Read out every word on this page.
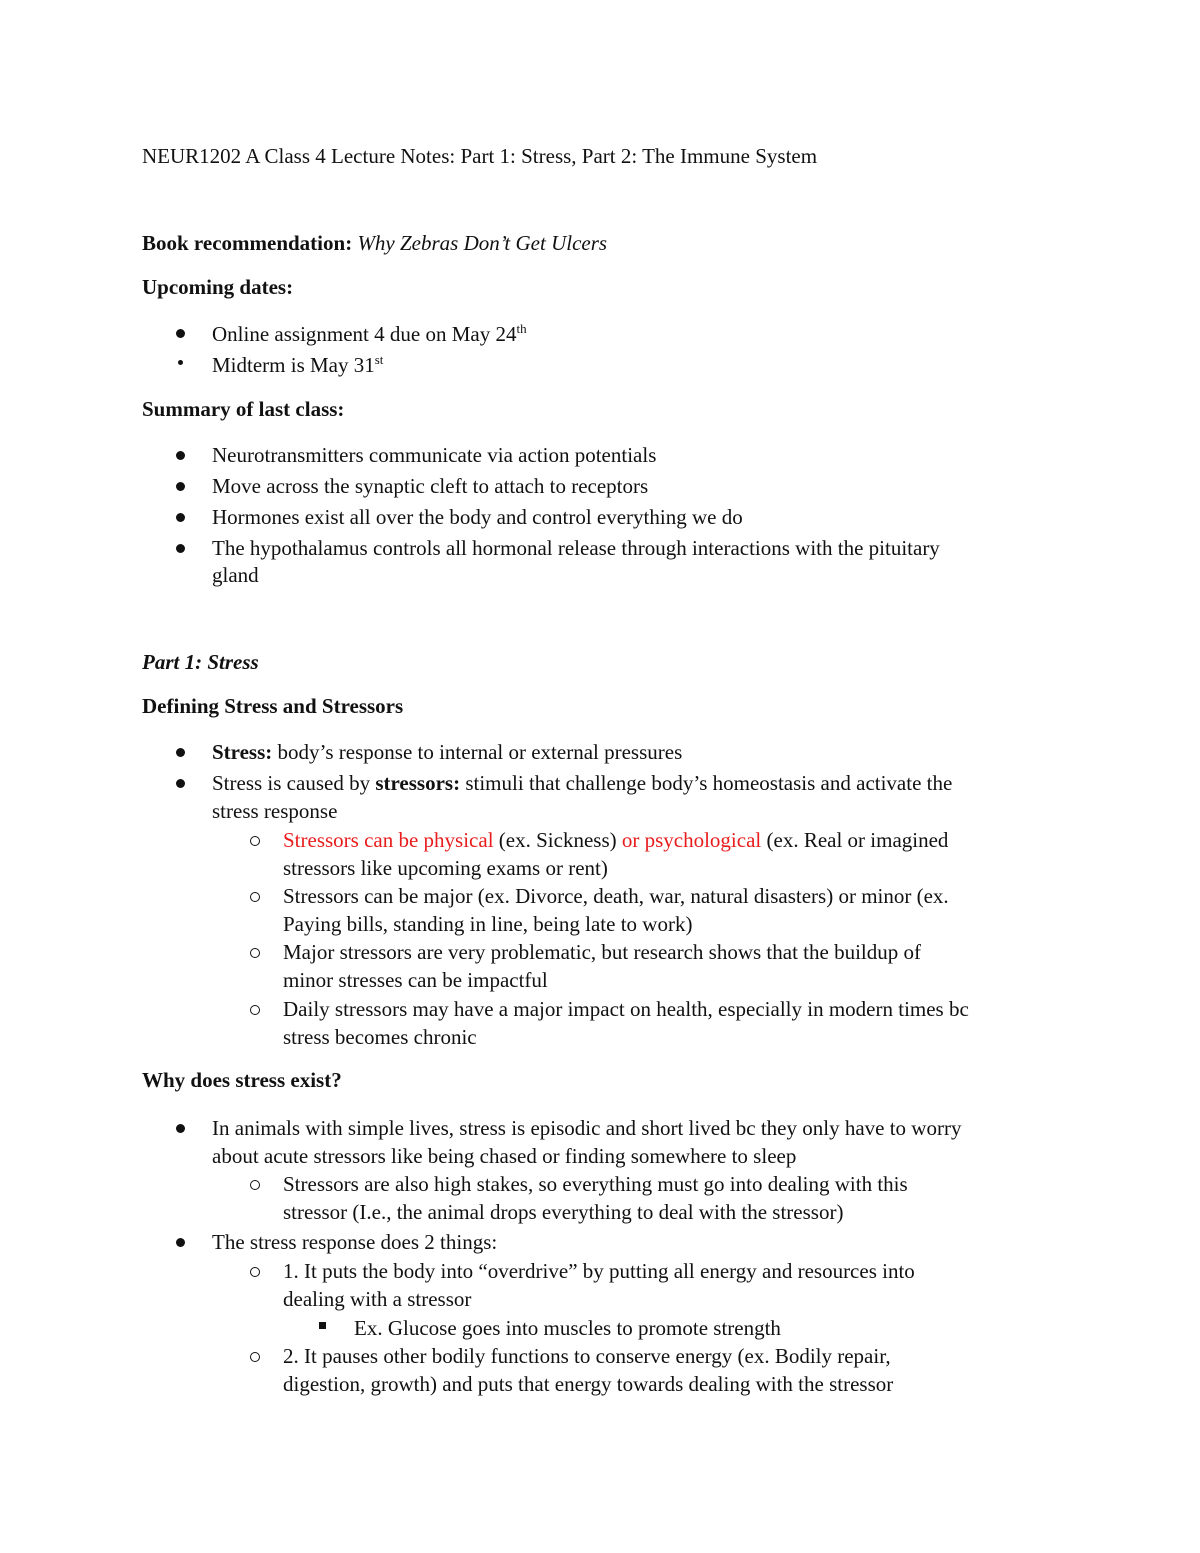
NEUR1202 A Class 4 Lecture Notes: Part 1: Stress, Part 2: The Immune System
Book recommendation: Why Zebras Don’t Get Ulcers
Upcoming dates:
Online assignment 4 due on May 24th
Midterm is May 31st
Summary of last class:
Neurotransmitters communicate via action potentials
Move across the synaptic cleft to attach to receptors
Hormones exist all over the body and control everything we do
The hypothalamus controls all hormonal release through interactions with the pituitary
gland
Part 1: Stress
Defining Stress and Stressors
Stress: body’s response to internal or external pressures
Stress is caused by stressors: stimuli that challenge body’s homeostasis and activate the
stress response
Stressors can be physical (ex. Sickness) or psychological (ex. Real or imagined
stressors like upcoming exams or rent)
Stressors can be major (ex. Divorce, death, war, natural disasters) or minor (ex.
Paying bills, standing in line, being late to work)
Major stressors are very problematic, but research shows that the buildup of
minor stresses can be impactful
Daily stressors may have a major impact on health, especially in modern times bc
stress becomes chronic
Why does stress exist?
In animals with simple lives, stress is episodic and short lived bc they only have to worry
about acute stressors like being chased or finding somewhere to sleep
Stressors are also high stakes, so everything must go into dealing with this
stressor (I.e., the animal drops everything to deal with the stressor)
The stress response does 2 things:
1. It puts the body into “overdrive” by putting all energy and resources into
dealing with a stressor
Ex. Glucose goes into muscles to promote strength
2. It pauses other bodily functions to conserve energy (ex. Bodily repair,
digestion, growth) and puts that energy towards dealing with the stressor
